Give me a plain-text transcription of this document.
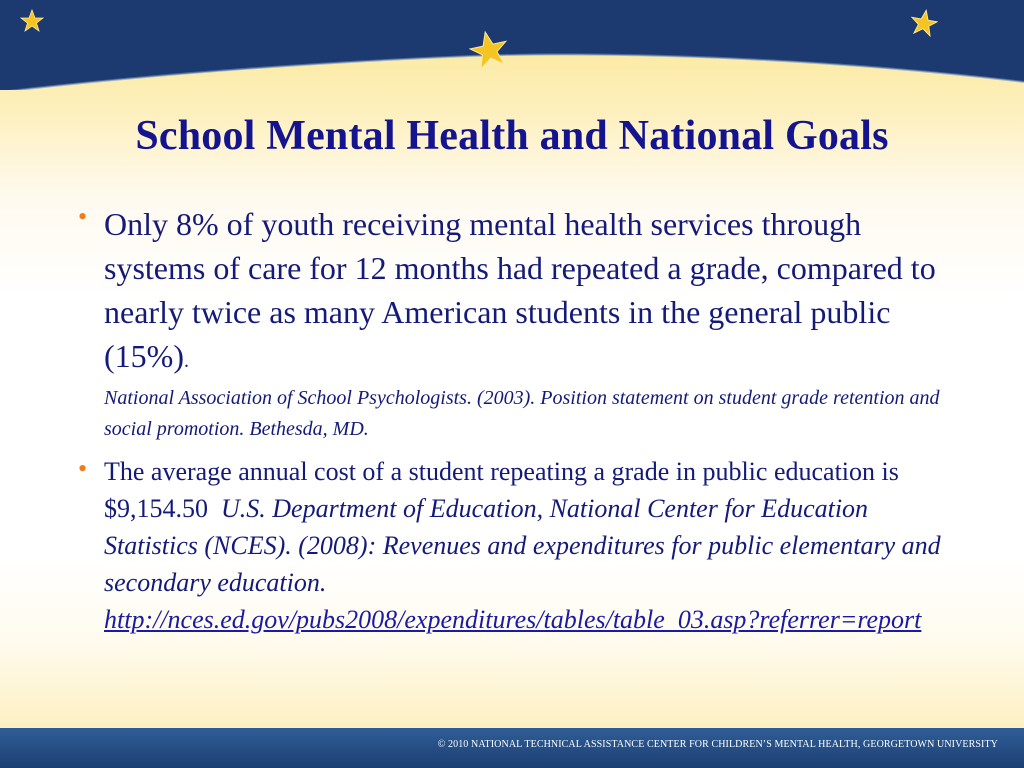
School Mental Health and National Goals
• Only 8% of youth receiving mental health services through systems of care for 12 months had repeated a grade, compared to nearly twice as many American students in the general public (15%).
National Association of School Psychologists. (2003). Position statement on student grade retention and social promotion. Bethesda, MD.
• The average annual cost of a student repeating a grade in public education is $9,154.50 U.S. Department of Education, National Center for Education Statistics (NCES). (2008): Revenues and expenditures for public elementary and secondary education.
http://nces.ed.gov/pubs2008/expenditures/tables/table_03.asp?referrer=report
© 2010 NATIONAL TECHNICAL ASSISTANCE CENTER FOR CHILDREN’S MENTAL HEALTH, GEORGETOWN UNIVERSITY
